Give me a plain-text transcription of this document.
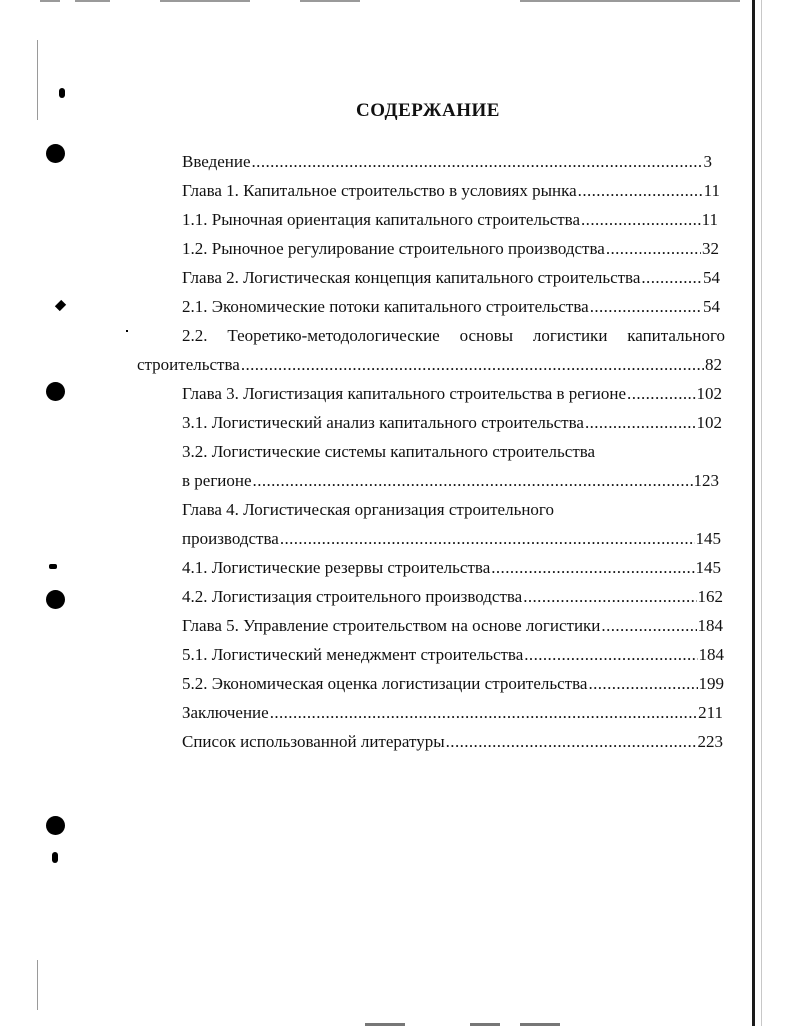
СОДЕРЖАНИЕ
Введение .....	3
Глава 1. Капитальное строительство в условиях рынка .....	11
1.1. Рыночная ориентация капитального строительства .....	11
1.2. Рыночное регулирование строительного производства .....	32
Глава 2. Логистическая концепция капитального строительства .....	54
2.1. Экономические потоки капитального строительства .....	54
2.2. Теоретико-методологические основы логистики капитального
строительства .....	82
Глава 3. Логистизация капитального строительства в регионе .....	102
3.1. Логистический анализ капитального строительства .....	102
3.2. Логистические системы капитального строительства
в регионе .....	123
Глава 4. Логистическая организация строительного
производства .....	145
4.1. Логистические резервы строительства .....	145
4.2. Логистизация строительного производства .....	162
Глава 5. Управление строительством на основе логистики .....	184
5.1. Логистический менеджмент строительства .....	184
5.2. Экономическая оценка логистизации строительства .....	199
Заключение .....	211
Список использованной литературы .....	223
